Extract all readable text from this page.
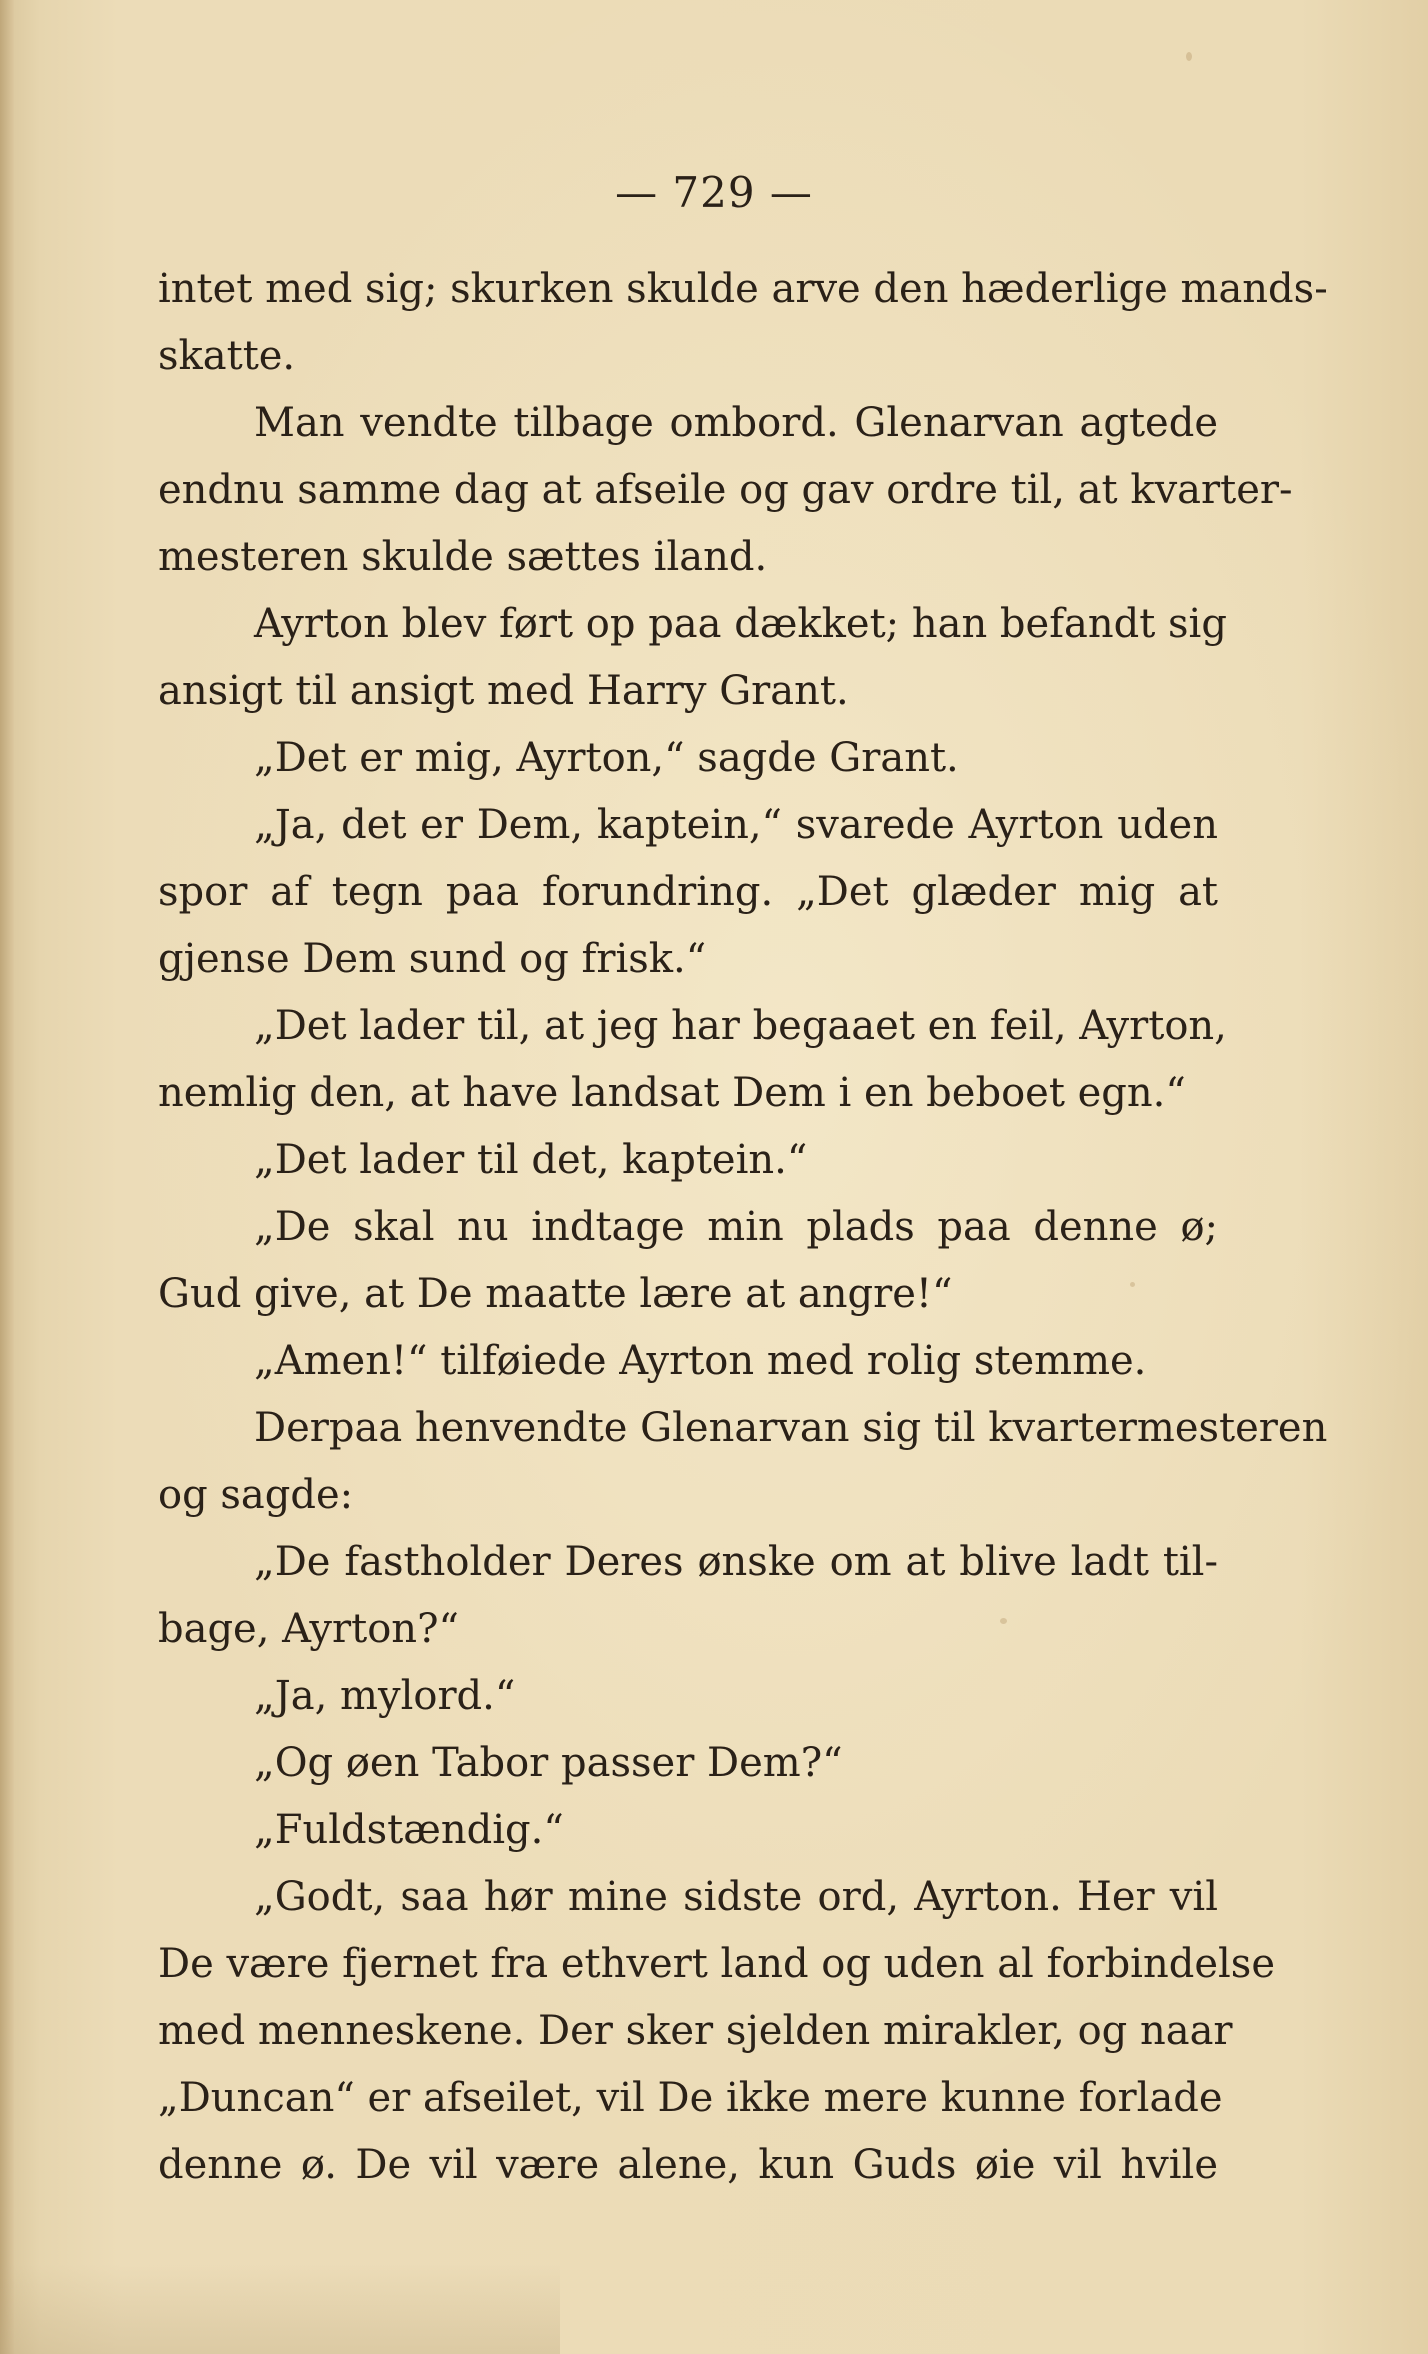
— 729 —
intet med sig; skurken skulde arve den hæderlige mands-
skatte.
Man vendte tilbage ombord. Glenarvan agtede
endnu samme dag at afseile og gav ordre til, at kvarter-
mesteren skulde sættes iland.
Ayrton blev ført op paa dækket; han befandt sig
ansigt til ansigt med Harry Grant.
„Det er mig, Ayrton,“ sagde Grant.
„Ja, det er Dem, kaptein,“ svarede Ayrton uden
spor af tegn paa forundring. „Det glæder mig at
gjense Dem sund og frisk.“
„Det lader til, at jeg har begaaet en feil, Ayrton,
nemlig den, at have landsat Dem i en beboet egn.“
„Det lader til det, kaptein.“
„De skal nu indtage min plads paa denne ø;
Gud give, at De maatte lære at angre!“
„Amen!“ tilføiede Ayrton med rolig stemme.
Derpaa henvendte Glenarvan sig til kvartermesteren
og sagde:
„De fastholder Deres ønske om at blive ladt til-
bage, Ayrton?“
„Ja, mylord.“
„Og øen Tabor passer Dem?“
„Fuldstændig.“
„Godt, saa hør mine sidste ord, Ayrton. Her vil
De være fjernet fra ethvert land og uden al forbindelse
med menneskene. Der sker sjelden mirakler, og naar
„Duncan“ er afseilet, vil De ikke mere kunne forlade
denne ø. De vil være alene, kun Guds øie vil hvile
